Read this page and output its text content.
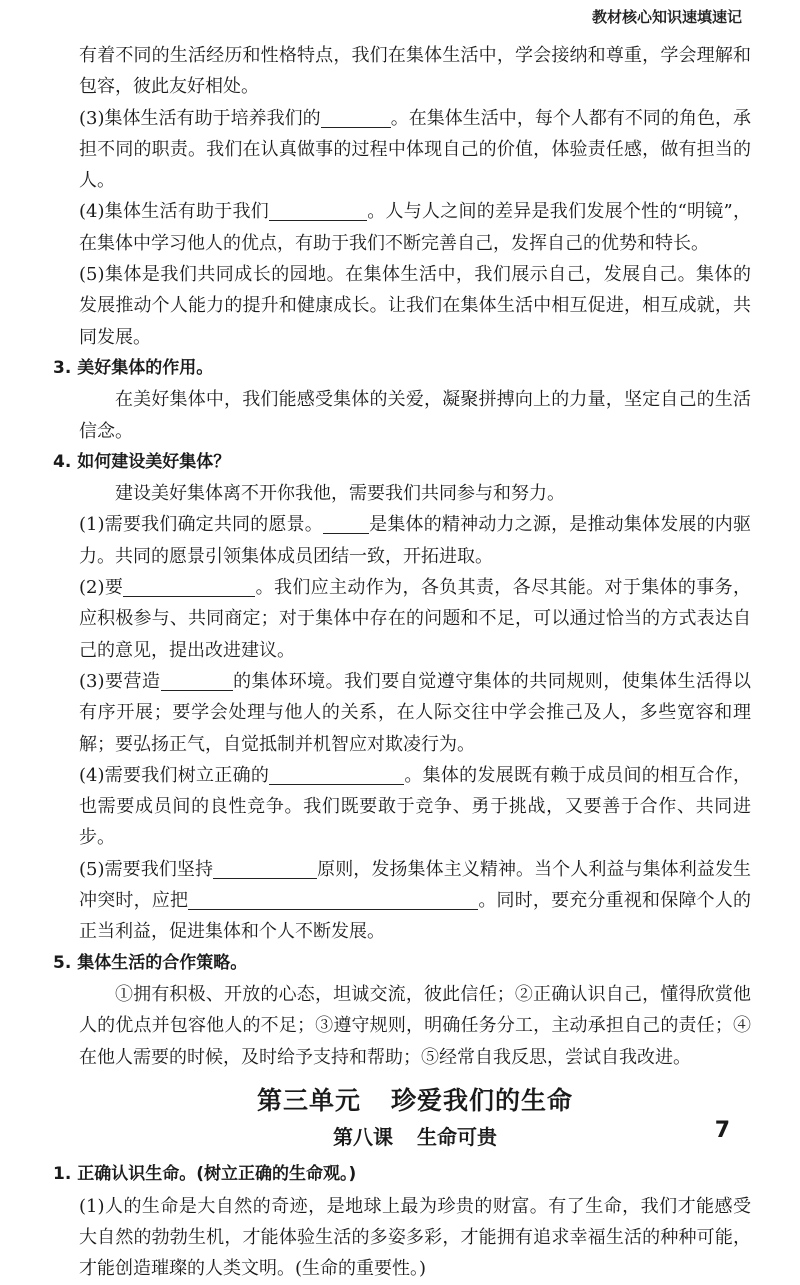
教材核心知识速填速记

有着不同的生活经历和性格特点，我们在集体生活中，学会接纳和尊重，学会理解和包容，彼此友好相处。

(3)集体生活有助于培养我们的	。在集体生活中，每个人都有不同的角色，承担不同的职责。我们在认真做事的过程中体现自己的价值，体验责任感，做有担当的人。

(4)集体生活有助于我们	。人与人之间的差异是我们发展个性的“明镜”，在集体中学习他人的优点，有助于我们不断完善自己，发挥自己的优势和特长。

(5)集体是我们共同成长的园地。在集体生活中，我们展示自己，发展自己。集体的发展推动个人能力的提升和健康成长。让我们在集体生活中相互促进，相互成就，共同发展。

3. 美好集体的作用。

在美好集体中，我们能感受集体的关爱，凝聚拼搏向上的力量，坚定自己的生活信念。

4. 如何建设美好集体？

建设美好集体离不开你我他，需要我们共同参与和努力。

(1)需要我们确定共同的愿景。	是集体的精神动力之源，是推动集体发展的内驱力。共同的愿景引领集体成员团结一致，开拓进取。

(2)要	。我们应主动作为，各负其责，各尽其能。对于集体的事务，应积极参与、共同商定；对于集体中存在的问题和不足，可以通过恰当的方式表达自己的意见，提出改进建议。

(3)要营造	的集体环境。我们要自觉遵守集体的共同规则，使集体生活得以有序开展；要学会处理与他人的关系，在人际交往中学会推己及人，多些宽容和理解；要弘扬正气，自觉抵制并机智应对欺凌行为。

(4)需要我们树立正确的	。集体的发展既有赖于成员间的相互合作，也需要成员间的良性竞争。我们既要敢于竞争、勇于挑战，又要善于合作、共同进步。

(5)需要我们坚持	原则，发扬集体主义精神。当个人利益与集体利益发生冲突时，应把	。同时，要充分重视和保障个人的正当利益，促进集体和个人不断发展。

5. 集体生活的合作策略。

①拥有积极、开放的心态，坦诚交流，彼此信任；②正确认识自己，懂得欣赏他人的优点并包容他人的不足；③遵守规则，明确任务分工，主动承担自己的责任；④在他人需要的时候，及时给予支持和帮助；⑤经常自我反思，尝试自我改进。

第三单元 珍爱我们的生命
第八课 生命可贵

1. 正确认识生命。(树立正确的生命观。)

(1)人的生命是大自然的奇迹，是地球上最为珍贵的财富。有了生命，我们才能感受大自然的勃勃生机，才能体验生活的多姿多彩，才能拥有追求幸福生活的种种可能，才能创造璀璨的人类文明。(生命的重要性。)

7
